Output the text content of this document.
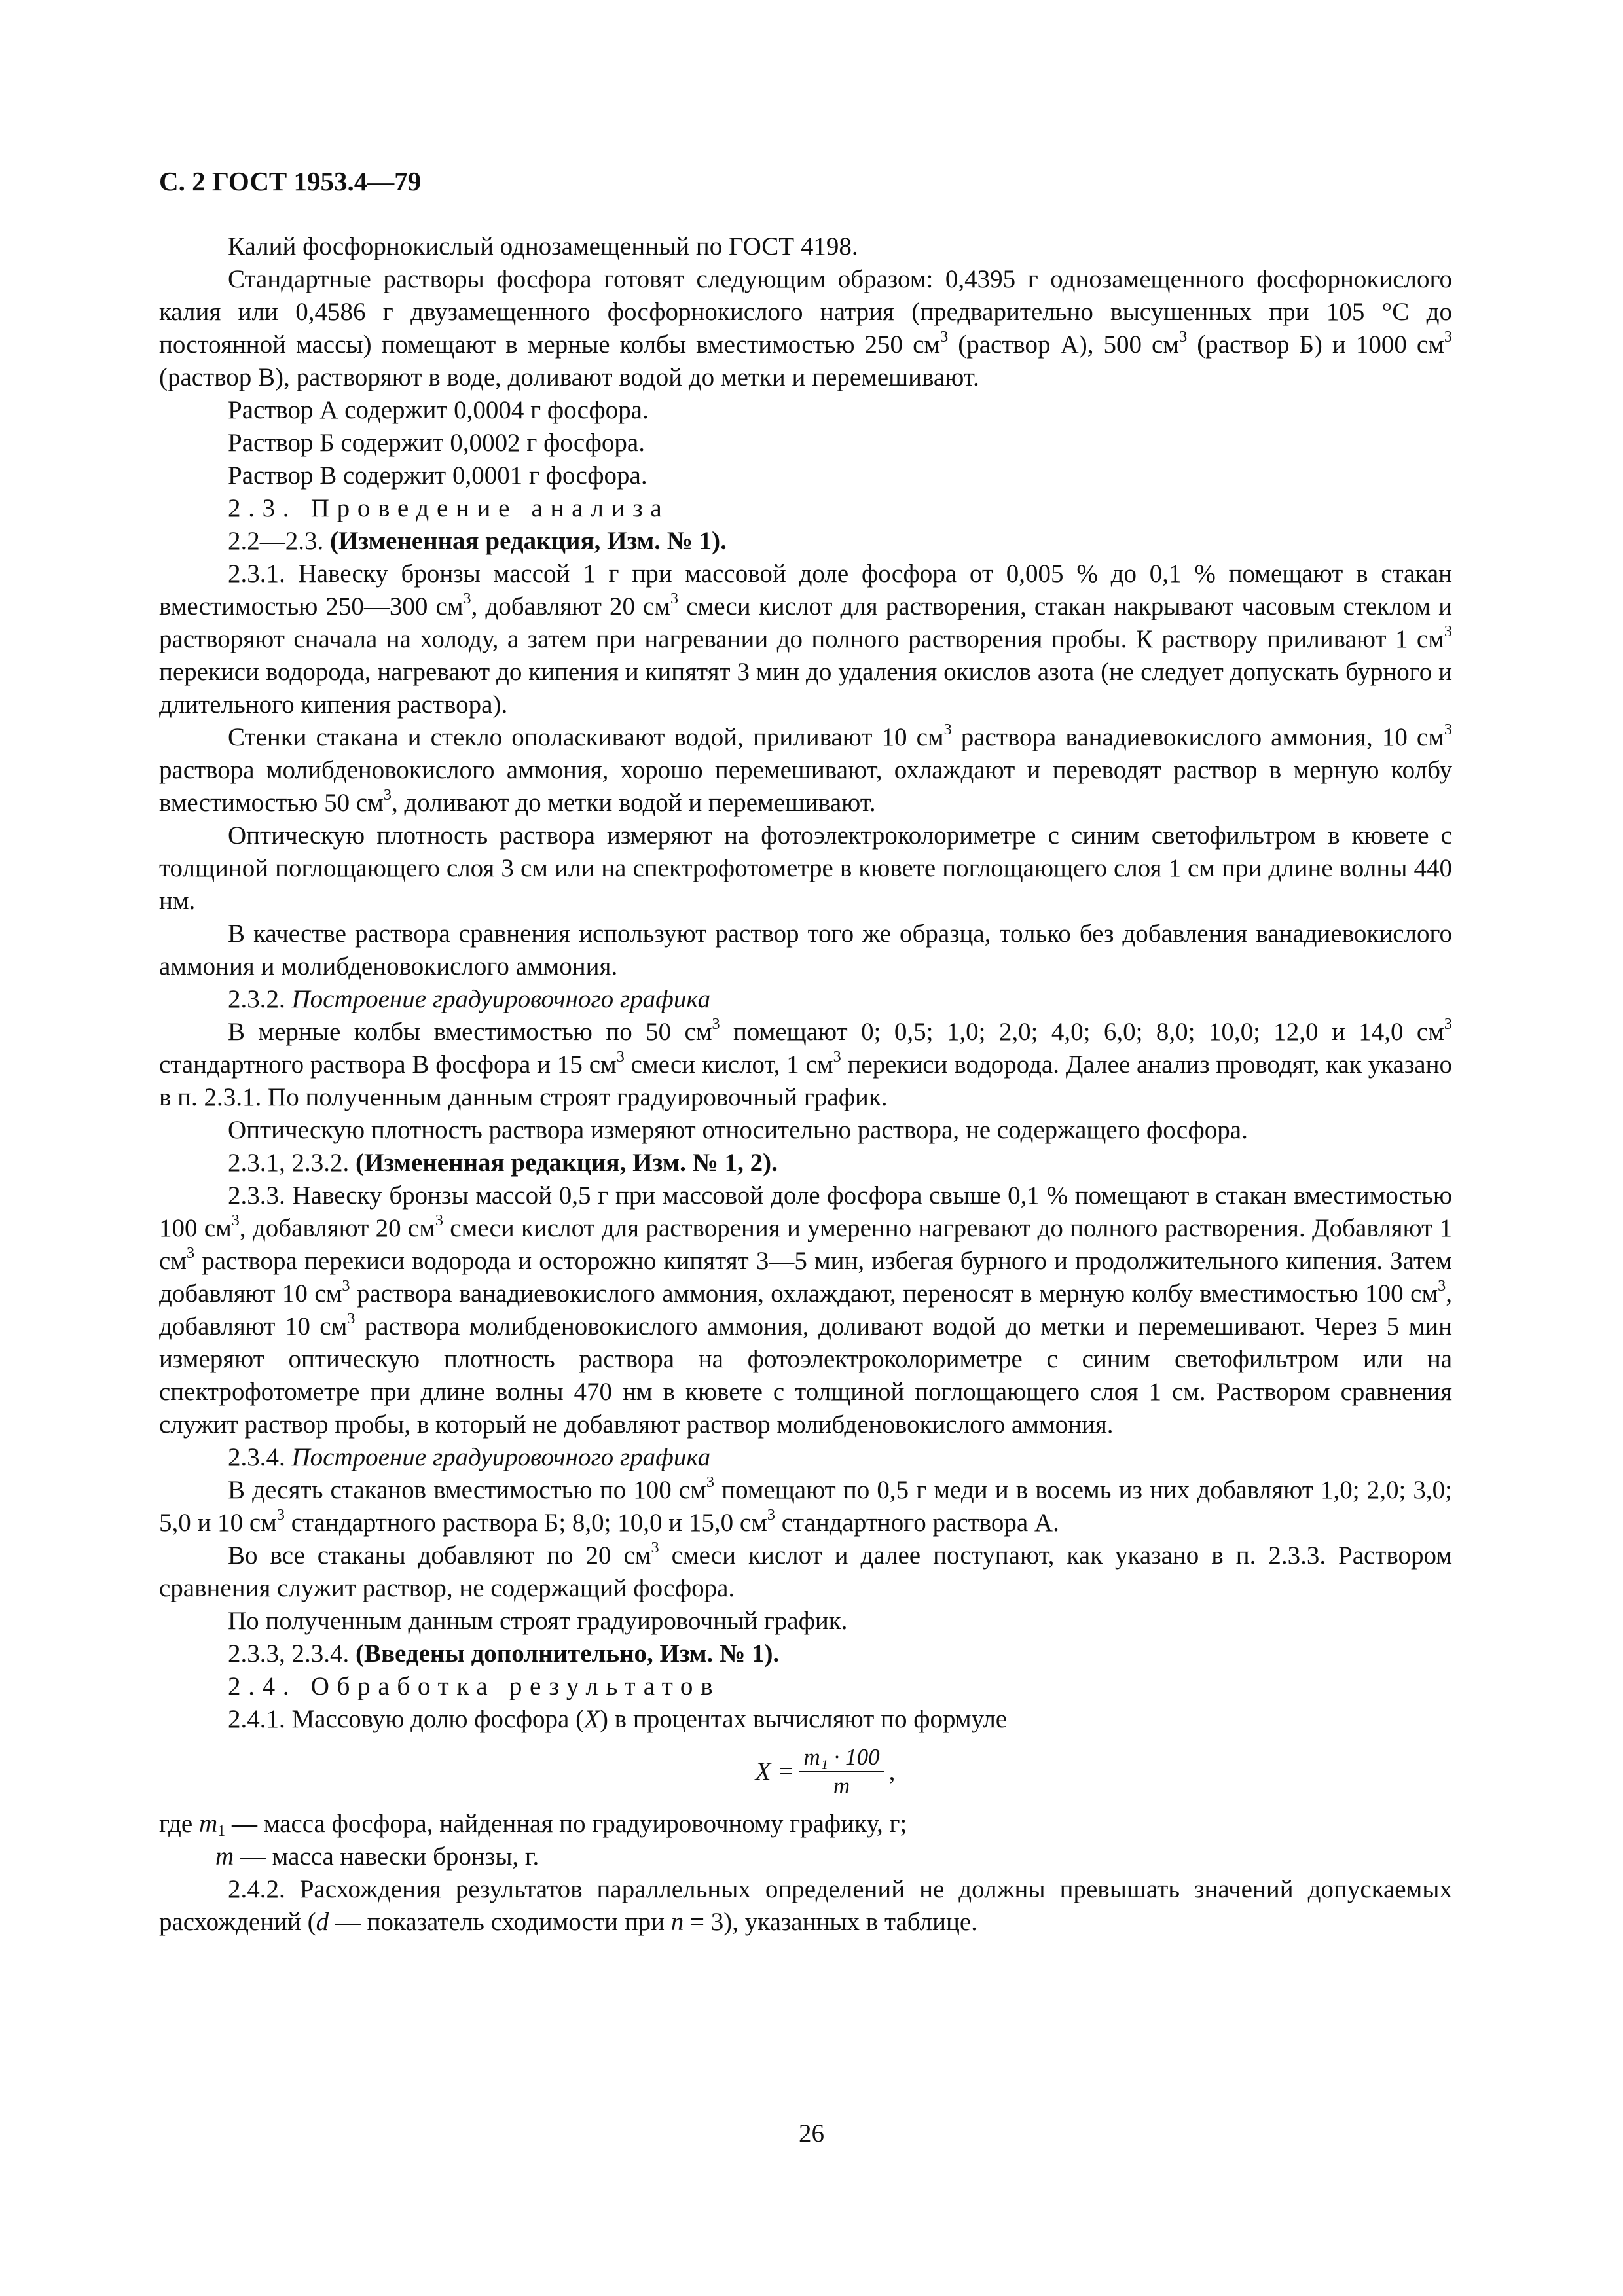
С. 2 ГОСТ 1953.4—79

Калий фосфорнокислый однозамещенный по ГОСТ 4198.

Стандартные растворы фосфора готовят следующим образом: 0,4395 г однозамещенного фосфорнокислого калия или 0,4586 г двузамещенного фосфорнокислого натрия (предварительно высушенных при 105 °С до постоянной массы) помещают в мерные колбы вместимостью 250 $см^3$ (раствор А), 500 $см^3$ (раствор Б) и 1000 $см^3$ (раствор В), растворяют в воде, доливают водой до метки и перемешивают.

Раствор А содержит 0,0004 г фосфора.

Раствор Б содержит 0,0002 г фосфора.

Раствор В содержит 0,0001 г фосфора.

2.3. Проведение анализа

2.2—2.3. (Измененная редакция, Изм. № 1).

2.3.1. Навеску бронзы массой 1 г при массовой доле фосфора от 0,005 % до 0,1 % помещают в стакан вместимостью 250—300 $см^3$, добавляют 20 $см^3$ смеси кислот для растворения, стакан накрывают часовым стеклом и растворяют сначала на холоду, а затем при нагревании до полного растворения пробы. К раствору приливают 1 $см^3$ перекиси водорода, нагревают до кипения и кипятят 3 мин до удаления окислов азота (не следует допускать бурного и длительного кипения раствора).

Стенки стакана и стекло ополаскивают водой, приливают 10 $см^3$ раствора ванадиевокислого аммония, 10 $см^3$ раствора молибденовокислого аммония, хорошо перемешивают, охлаждают и переводят раствор в мерную колбу вместимостью 50 $см^3$, доливают до метки водой и перемешивают.

Оптическую плотность раствора измеряют на фотоэлектроколориметре с синим светофильтром в кювете с толщиной поглощающего слоя 3 см или на спектрофотометре в кювете поглощающего слоя 1 см при длине волны 440 нм.

В качестве раствора сравнения используют раствор того же образца, только без добавления ванадиевокислого аммония и молибденовокислого аммония.

2.3.2. Построение градуировочного графика

В мерные колбы вместимостью по 50 $см^3$ помещают 0; 0,5; 1,0; 2,0; 4,0; 6,0; 8,0; 10,0; 12,0 и 14,0 $см^3$ стандартного раствора В фосфора и 15 $см^3$ смеси кислот, 1 $см^3$ перекиси водорода. Далее анализ проводят, как указано в п. 2.3.1. По полученным данным строят градуировочный график.

Оптическую плотность раствора измеряют относительно раствора, не содержащего фосфора.

2.3.1, 2.3.2. (Измененная редакция, Изм. № 1, 2).

2.3.3. Навеску бронзы массой 0,5 г при массовой доле фосфора свыше 0,1 % помещают в стакан вместимостью 100 $см^3$, добавляют 20 $см^3$ смеси кислот для растворения и умеренно нагревают до полного растворения. Добавляют 1 $см^3$ раствора перекиси водорода и осторожно кипятят 3—5 мин, избегая бурного и продолжительного кипения. Затем добавляют 10 $см^3$ раствора ванадиевокислого аммония, охлаждают, переносят в мерную колбу вместимостью 100 $см^3$, добавляют 10 $см^3$ раствора молибденовокислого аммония, доливают водой до метки и перемешивают. Через 5 мин измеряют оптическую плотность раствора на фотоэлектроколориметре с синим светофильтром или на спектрофотометре при длине волны 470 нм в кювете с толщиной поглощающего слоя 1 см. Раствором сравнения служит раствор пробы, в который не добавляют раствор молибденовокислого аммония.

2.3.4. Построение градуировочного графика

В десять стаканов вместимостью по 100 $см^3$ помещают по 0,5 г меди и в восемь из них добавляют 1,0; 2,0; 3,0; 5,0 и 10 $см^3$ стандартного раствора Б; 8,0; 10,0 и 15,0 $см^3$ стандартного раствора А.

Во все стаканы добавляют по 20 $см^3$ смеси кислот и далее поступают, как указано в п. 2.3.3. Раствором сравнения служит раствор, не содержащий фосфора.

По полученным данным строят градуировочный график.

2.3.3, 2.3.4. (Введены дополнительно, Изм. № 1).

2.4. Обработка результатов

2.4.1. Массовую долю фосфора (X) в процентах вычисляют по формуле

$X = \frac{\text{m₁ · 100}}{m}$ ,

где $m_1$ — масса фосфора, найденная по градуировочному графику, г;

m — масса навески бронзы, г.

2.4.2. Расхождения результатов параллельных определений не должны превышать значений допускаемых расхождений (d — показатель сходимости при n = 3), указанных в таблице.

26
